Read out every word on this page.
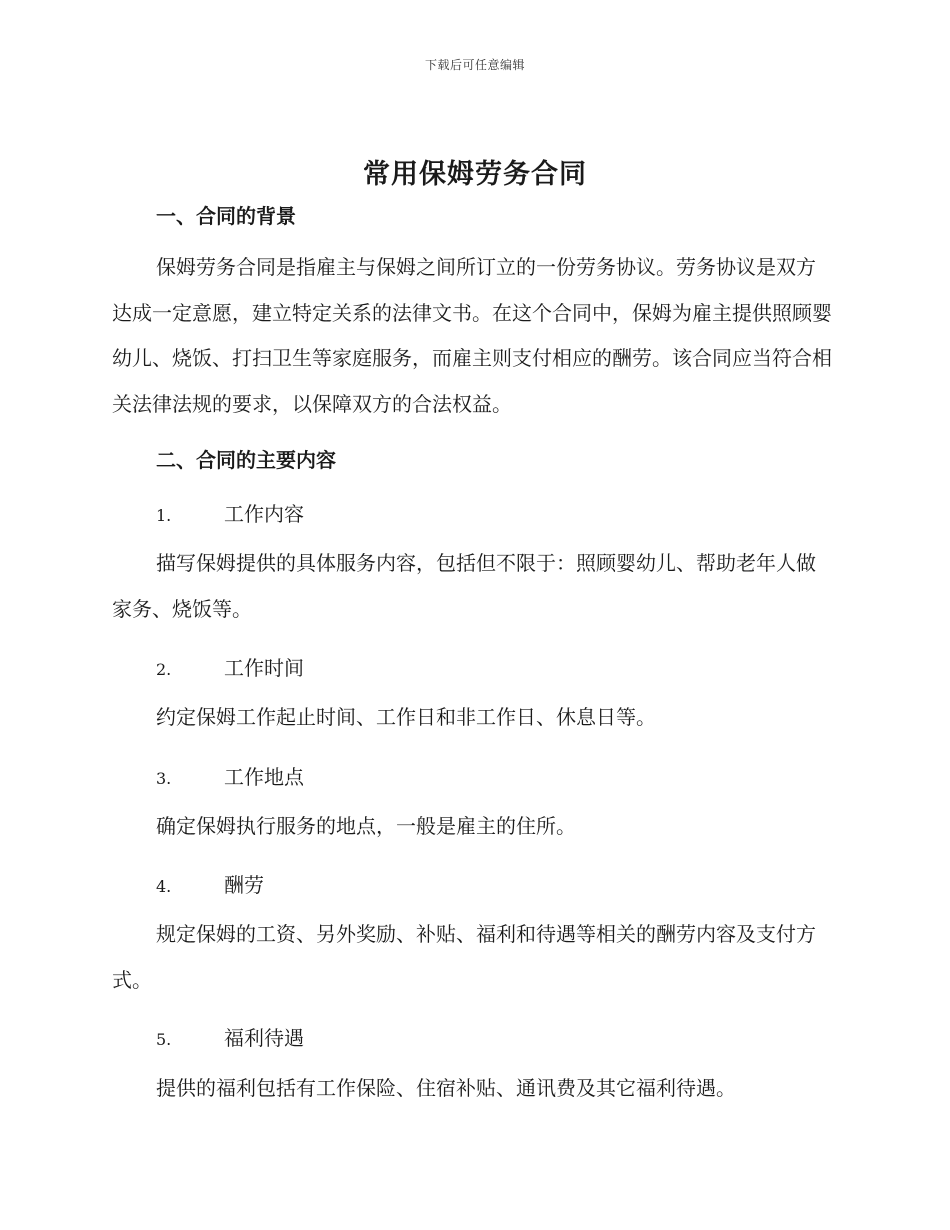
下载后可任意编辑
常用保姆劳务合同
一、合同的背景
保姆劳务合同是指雇主与保姆之间所订立的一份劳务协议。劳务协议是双方达成一定意愿，建立特定关系的法律文书。在这个合同中，保姆为雇主提供照顾婴幼儿、烧饭、打扫卫生等家庭服务，而雇主则支付相应的酬劳。该合同应当符合相关法律法规的要求，以保障双方的合法权益。
二、合同的主要内容
1.	工作内容
描写保姆提供的具体服务内容，包括但不限于：照顾婴幼儿、帮助老年人做家务、烧饭等。
2.	工作时间
约定保姆工作起止时间、工作日和非工作日、休息日等。
3.	工作地点
确定保姆执行服务的地点，一般是雇主的住所。
4.	酬劳
规定保姆的工资、另外奖励、补贴、福利和待遇等相关的酬劳内容及支付方式。
5.	福利待遇
提供的福利包括有工作保险、住宿补贴、通讯费及其它福利待遇。
